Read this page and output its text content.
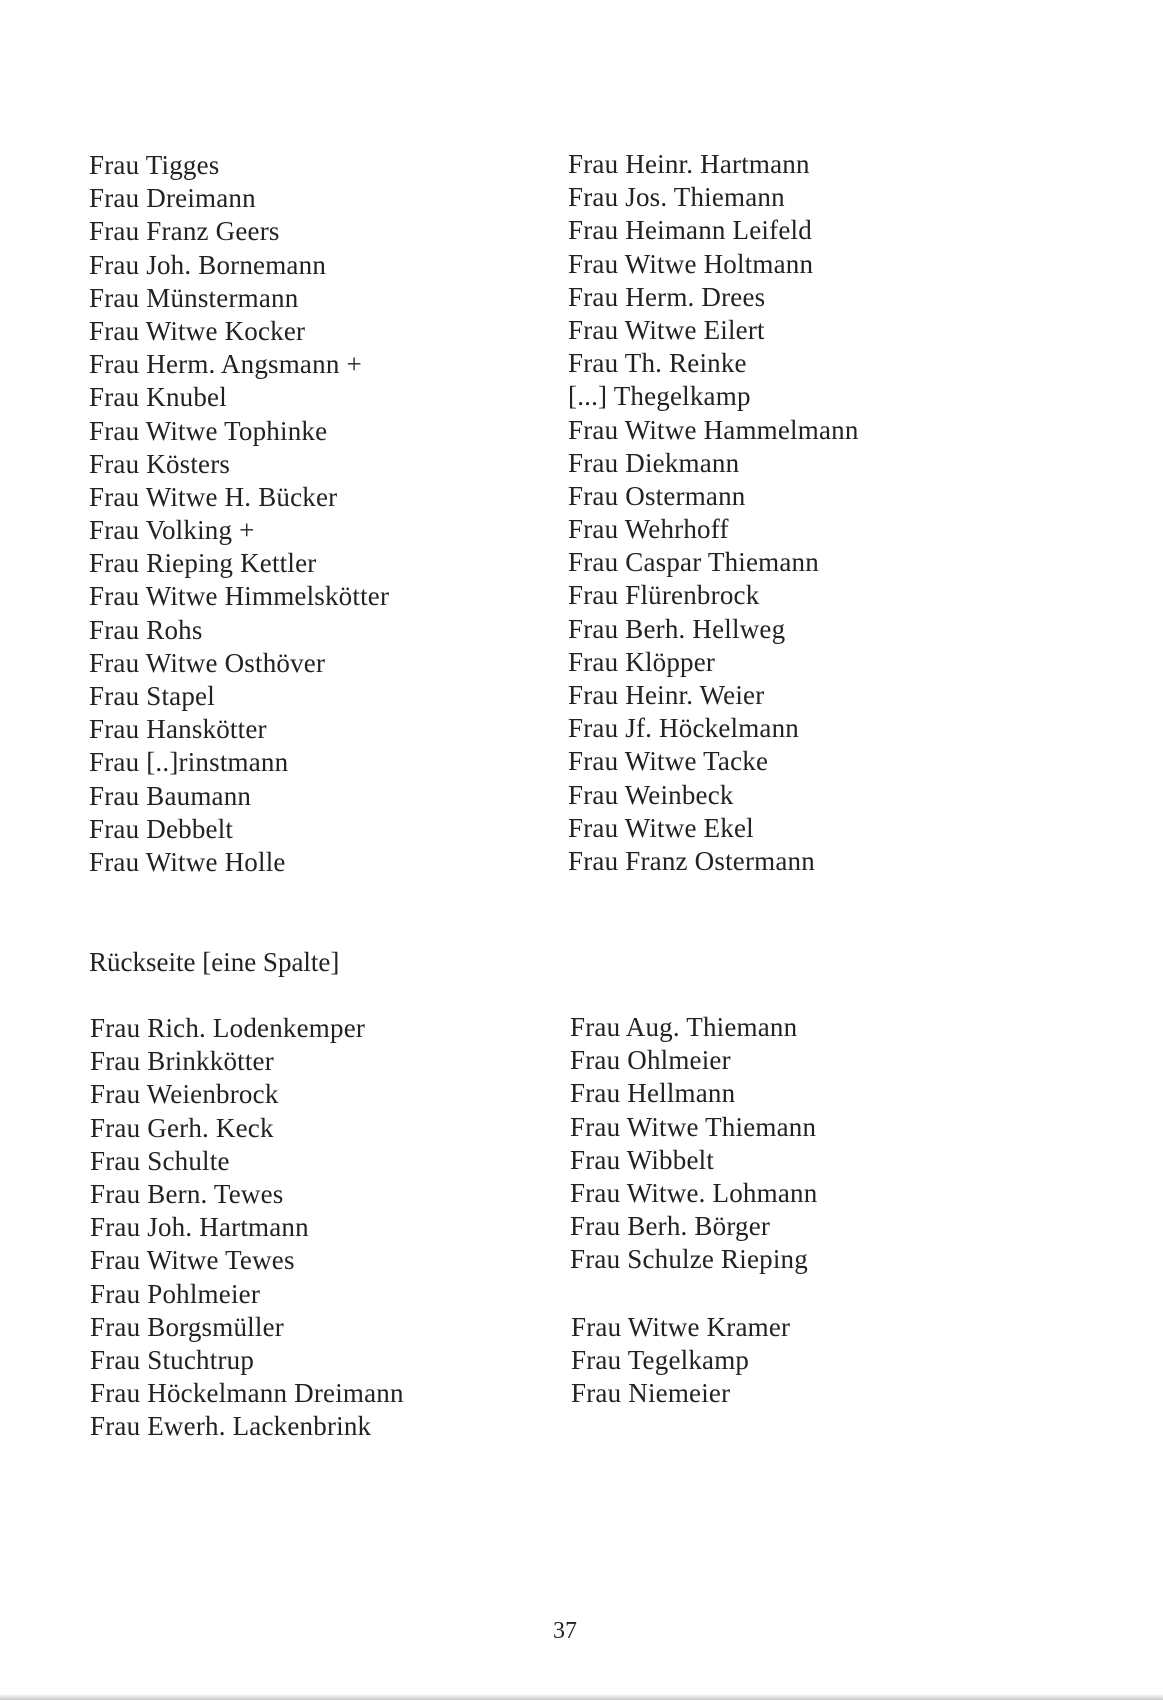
Frau Tigges
Frau Dreimann
Frau Franz Geers
Frau Joh. Bornemann
Frau Münstermann
Frau Witwe Kocker
Frau Herm. Angsmann +
Frau Knubel
Frau Witwe Tophinke
Frau Kösters
Frau Witwe H. Bücker
Frau Volking +
Frau Rieping Kettler
Frau Witwe Himmelskötter
Frau Rohs
Frau Witwe Osthöver
Frau Stapel
Frau Hanskötter
Frau [..]rinstmann
Frau Baumann
Frau Debbelt
Frau Witwe Holle
Frau Heinr. Hartmann
Frau Jos. Thiemann
Frau Heimann Leifeld
Frau Witwe Holtmann
Frau Herm. Drees
Frau Witwe Eilert
Frau Th. Reinke
[...] Thegelkamp
Frau Witwe Hammelmann
Frau Diekmann
Frau Ostermann
Frau Wehrhoff
Frau Caspar Thiemann
Frau Flürenbrock
Frau Berh. Hellweg
Frau Klöpper
Frau Heinr. Weier
Frau Jf. Höckelmann
Frau Witwe Tacke
Frau Weinbeck
Frau Witwe Ekel
Frau Franz Ostermann
Rückseite [eine Spalte]
Frau Rich. Lodenkemper
Frau Brinkkötter
Frau Weienbrock
Frau Gerh. Keck
Frau Schulte
Frau Bern. Tewes
Frau Joh. Hartmann
Frau Witwe Tewes
Frau Pohlmeier
Frau Borgsmüller
Frau Stuchtrup
Frau Höckelmann Dreimann
Frau Ewerh. Lackenbrink
Frau Aug. Thiemann
Frau Ohlmeier
Frau Hellmann
Frau Witwe Thiemann
Frau Wibbelt
Frau Witwe. Lohmann
Frau Berh. Börger
Frau Schulze Rieping
Frau Witwe Kramer
Frau Tegelkamp
Frau Niemeier
37
